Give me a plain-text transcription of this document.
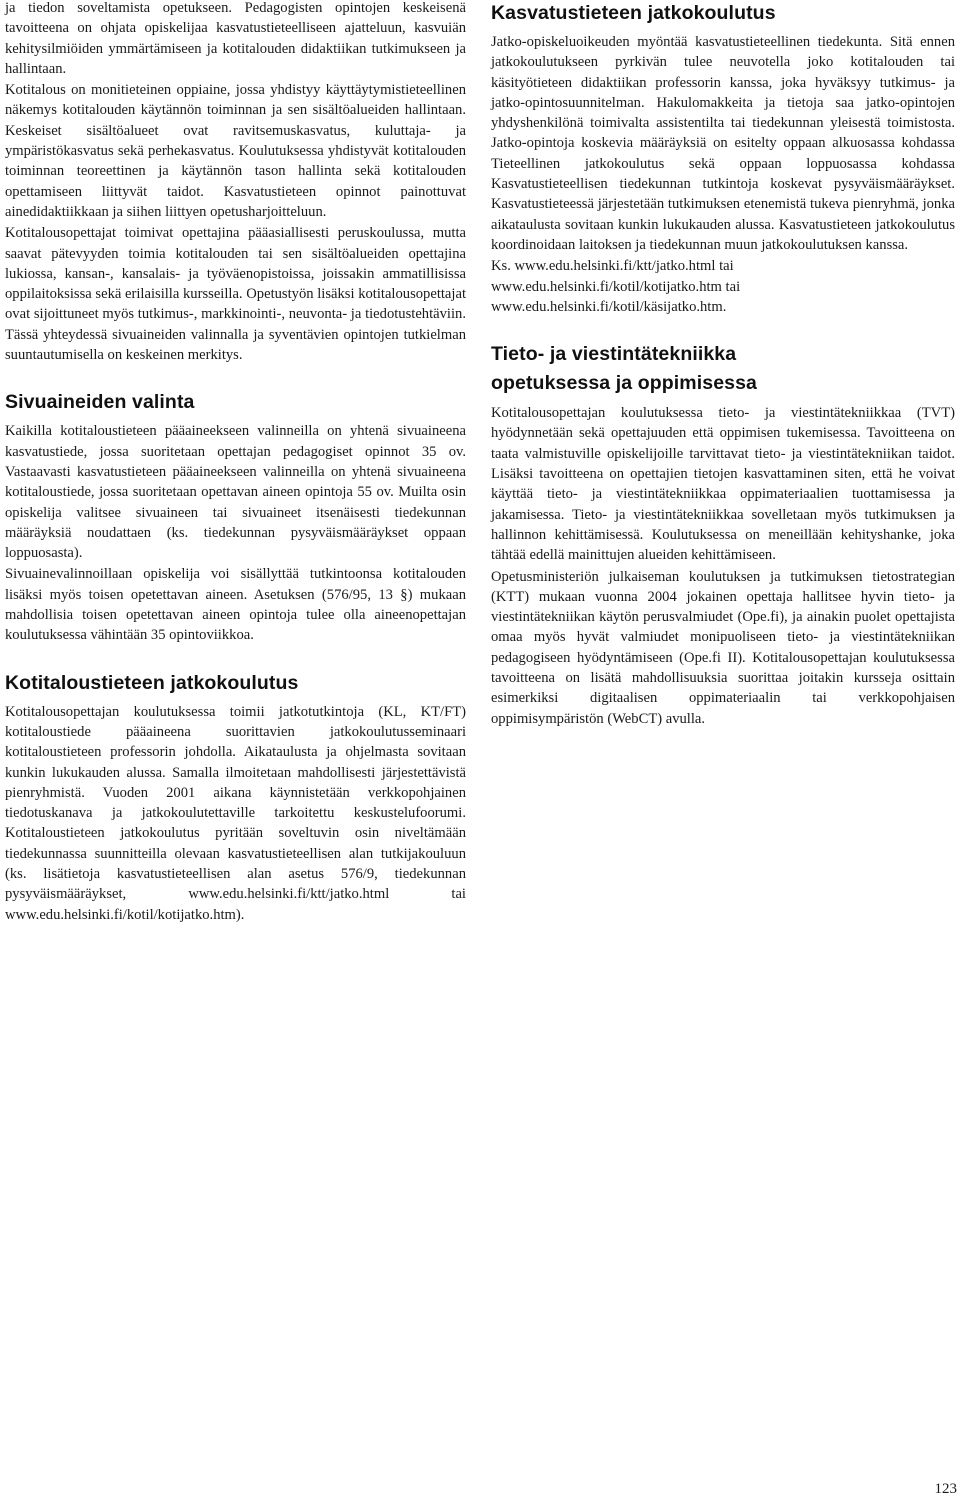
ja tiedon soveltamista opetukseen. Pedagogisten opintojen keskeisenä tavoitteena on ohjata opiskelijaa kasvatustieteelliseen ajatteluun, kasvuiän kehitysilmiöiden ymmärtämiseen ja kotitalouden didaktiikan tutkimukseen ja hallintaan.

Kotitalous on monitieteinen oppiaine, jossa yhdistyy käyttäytymistieteellinen näkemys kotitalouden käytännön toiminnan ja sen sisältöalueiden hallintaan. Keskeiset sisältöalueet ovat ravitsemuskasvatus, kuluttaja- ja ympäristökasvatus sekä perhekasvatus. Koulutuksessa yhdistyvät kotitalouden toiminnan teoreettinen ja käytännön tason hallinta sekä kotitalouden opettamiseen liittyvät taidot. Kasvatustieteen opinnot painottuvat ainedidaktiikkaan ja siihen liittyen opetusharjoitteluun.

Kotitalousopettajat toimivat opettajina pääasiallisesti peruskoulussa, mutta saavat pätevyyden toimia kotitalouden tai sen sisältöalueiden opettajina lukiossa, kansan-, kansalais- ja työväenopistoissa, joissakin ammatillisissa oppilaitoksissa sekä erilaisilla kursseilla. Opetustyön lisäksi kotitalousopettajat ovat sijoittuneet myös tutkimus-, markkinointi-, neuvonta- ja tiedotustehtäviin. Tässä yhteydessä sivuaineiden valinnalla ja syventävien opintojen tutkielman suuntautumisella on keskeinen merkitys.

Sivuaineiden valinta

Kaikilla kotitaloustieteen pääaineekseen valinneilla on yhtenä sivuaineena kasvatustiede, jossa suoritetaan opettajan pedagogiset opinnot 35 ov. Vastaavasti kasvatustieteen pääaineekseen valinneilla on yhtenä sivuaineena kotitaloustiede, jossa suoritetaan opettavan aineen opintoja 55 ov. Muilta osin opiskelija valitsee sivuaineen tai sivuaineet itsenäisesti tiedekunnan määräyksiä noudattaen (ks. tiedekunnan pysyväismääräykset oppaan loppuosasta).

Sivuainevalinnoillaan opiskelija voi sisällyttää tutkintoonsa kotitalouden lisäksi myös toisen opetettavan aineen. Asetuksen (576/95, 13 §) mukaan mahdollisia toisen opetettavan aineen opintoja tulee olla aineenopettajan koulutuksessa vähintään 35 opintoviikkoa.

Kotitaloustieteen jatkokoulutus

Kotitalousopettajan koulutuksessa toimii jatkotutkintoja (KL, KT/FT) kotitaloustiede pääaineena suorittavien jatkokoulutusseminaari kotitaloustieteen professorin johdolla. Aikataulusta ja ohjelmasta sovitaan kunkin lukukauden alussa. Samalla ilmoitetaan mahdollisesti järjestettävistä pienryhmistä. Vuoden 2001 aikana käynnistetään verkkopohjainen tiedotuskanava ja jatkokoulutettaville tarkoitettu keskustelufoorumi. Kotitaloustieteen jatkokoulutus pyritään soveltuvin osin niveltämään tiedekunnassa suunnitteilla olevaan kasvatustieteellisen alan tutkijakouluun (ks. lisätietoja kasvatustieteellisen alan asetus 576/9, tiedekunnan pysyväismääräykset, www.edu.helsinki.fi/ktt/jatko.html tai www.edu.helsinki.fi/kotil/kotijatko.htm).

Kasvatustieteen jatkokoulutus

Jatko-opiskeluoikeuden myöntää kasvatustieteellinen tiedekunta. Sitä ennen jatkokoulutukseen pyrkivän tulee neuvotella joko kotitalouden tai käsityötieteen didaktiikan professorin kanssa, joka hyväksyy tutkimus- ja jatko-opintosuunnitelman. Hakulomakkeita ja tietoja saa jatko-opintojen yhdyshenkilönä toimivalta assistentilta tai tiedekunnan yleisestä toimistosta. Jatko-opintoja koskevia määräyksiä on esitelty oppaan alkuosassa kohdassa Tieteellinen jatkokoulutus sekä oppaan loppuosassa kohdassa Kasvatustieteellisen tiedekunnan tutkintoja koskevat pysyväismääräykset. Kasvatustieteessä järjestetään tutkimuksen etenemistä tukeva pienryhmä, jonka aikataulusta sovitaan kunkin lukukauden alussa. Kasvatustieteen jatkokoulutus koordinoidaan laitoksen ja tiedekunnan muun jatkokoulutuksen kanssa.

Ks. www.edu.helsinki.fi/ktt/jatko.html tai
www.edu.helsinki.fi/kotil/kotijatko.htm tai
www.edu.helsinki.fi/kotil/käsijatko.htm.
Tieto- ja viestintätekniikka
opetuksessa ja oppimisessa

Kotitalousopettajan koulutuksessa tieto- ja viestintätekniikkaa (TVT) hyödynnetään sekä opettajuuden että oppimisen tukemisessa. Tavoitteena on taata valmistuville opiskelijoille tarvittavat tieto- ja viestintätekniikan taidot. Lisäksi tavoitteena on opettajien tietojen kasvattaminen siten, että he voivat käyttää tieto- ja viestintätekniikkaa oppimateriaalien tuottamisessa ja jakamisessa. Tieto- ja viestintätekniikkaa sovelletaan myös tutkimuksen ja hallinnon kehittämisessä. Koulutuksessa on meneillään kehityshanke, joka tähtää edellä mainittujen alueiden kehittämiseen.

Opetusministeriön julkaiseman koulutuksen ja tutkimuksen tietostrategian (KTT) mukaan vuonna 2004 jokainen opettaja hallitsee hyvin tieto- ja viestintätekniikan käytön perusvalmiudet (Ope.fi), ja ainakin puolet opettajista omaa myös hyvät valmiudet monipuoliseen tieto- ja viestintätekniikan pedagogiseen hyödyntämiseen (Ope.fi II). Kotitalousopettajan koulutuksessa tavoitteena on lisätä mahdollisuuksia suorittaa joitakin kursseja osittain esimerkiksi digitaalisen oppimateriaalin tai verkkopohjaisen oppimisympäristön (WebCT) avulla.

123
